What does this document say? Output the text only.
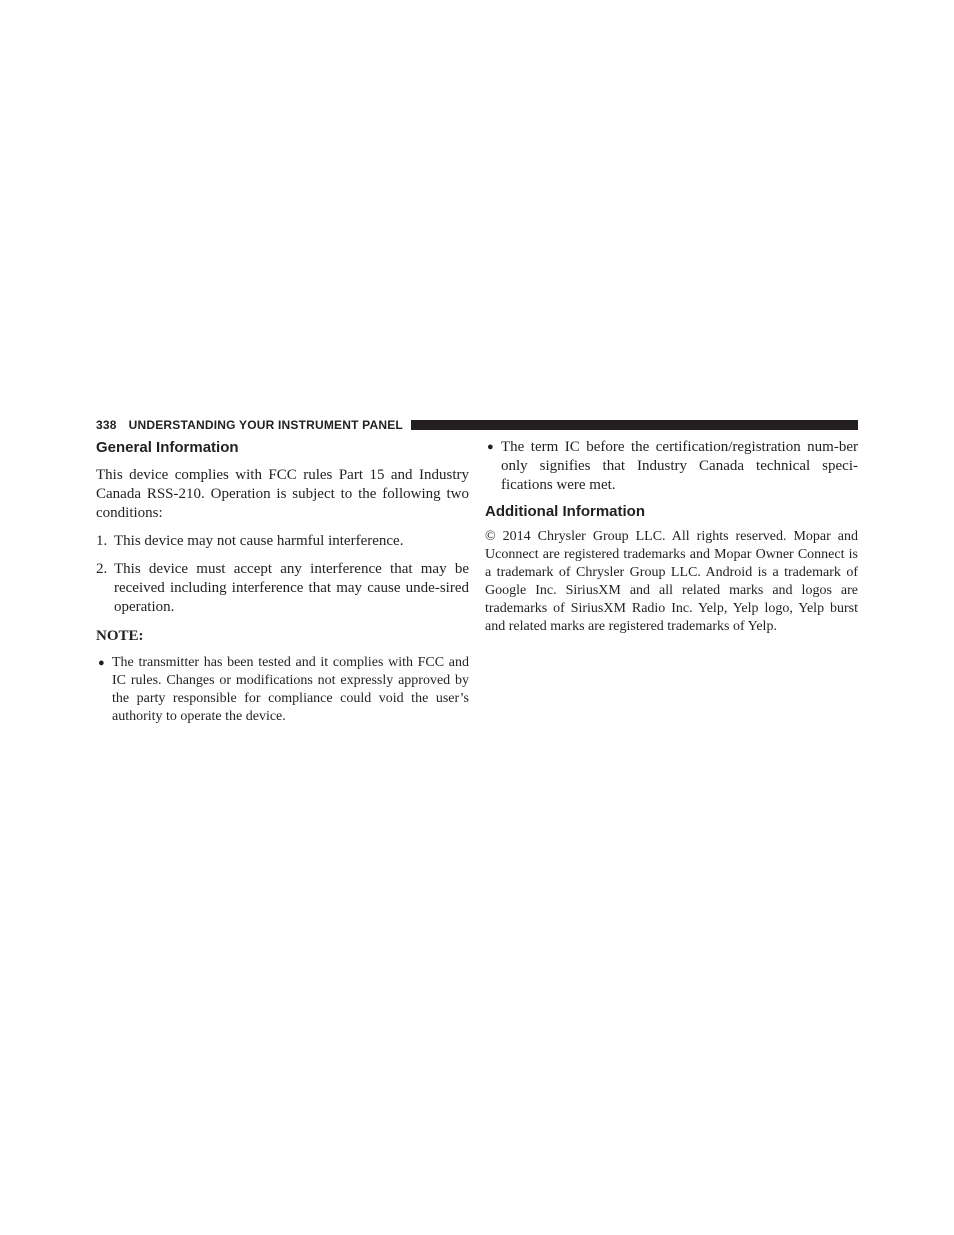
338 UNDERSTANDING YOUR INSTRUMENT PANEL
General Information

This device complies with FCC rules Part 15 and Industry Canada RSS-210. Operation is subject to the following two conditions:

1. This device may not cause harmful interference.

2. This device must accept any interference that may be received including interference that may cause unde-sired operation.

NOTE:
● The transmitter has been tested and it complies with FCC and IC rules. Changes or modifications not expressly approved by the party responsible for compliance could void the user’s authority to operate the device.

● The term IC before the certification/registration num-ber only signifies that Industry Canada technical speci-fications were met.

Additional Information

© 2014 Chrysler Group LLC. All rights reserved. Mopar and Uconnect are registered trademarks and Mopar Owner Connect is a trademark of Chrysler Group LLC. Android is a trademark of Google Inc. SiriusXM and all related marks and logos are trademarks of SiriusXM Radio Inc. Yelp, Yelp logo, Yelp burst and related marks are registered trademarks of Yelp.
